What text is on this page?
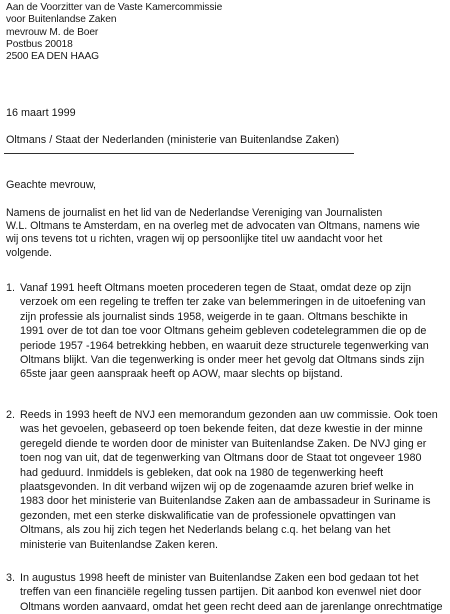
Aan de Voorzitter van de Vaste Kamercommissie
voor Buitenlandse Zaken
mevrouw M. de Boer
Postbus 20018
2500 EA DEN HAAG
16 maart 1999
Oltmans / Staat der Nederlanden (ministerie van Buitenlandse Zaken)
Geachte mevrouw,
Namens de journalist en het lid van de Nederlandse Vereniging van Journalisten
W.L. Oltmans te Amsterdam, en na overleg met de advocaten van Oltmans, namens wie
wij ons tevens tot u richten, vragen wij op persoonlijke titel uw aandacht voor het
volgende.
1. Vanaf 1991 heeft Oltmans moeten procederen tegen de Staat, omdat deze op zijn
verzoek om een regeling te treffen ter zake van belemmeringen in de uitoefening van
zijn professie als journalist sinds 1958, weigerde in te gaan. Oltmans beschikte in
1991 over de tot dan toe voor Oltmans geheim gebleven codetelegrammen die op de
periode 1957 -1964 betrekking hebben, en waaruit deze structurele tegenwerking van
Oltmans blijkt. Van die tegenwerking is onder meer het gevolg dat Oltmans sinds zijn
65ste jaar geen aanspraak heeft op AOW, maar slechts op bijstand.
2. Reeds in 1993 heeft de NVJ een memorandum gezonden aan uw commissie. Ook toen
was het gevoelen, gebaseerd op toen bekende feiten, dat deze kwestie in der minne
geregeld diende te worden door de minister van Buitenlandse Zaken. De NVJ ging er
toen nog van uit, dat de tegenwerking van Oltmans door de Staat tot ongeveer 1980
had geduurd. Inmiddels is gebleken, dat ook na 1980 de tegenwerking heeft
plaatsgevonden. In dit verband wijzen wij op de zogenaamde azuren brief welke in
1983 door het ministerie van Buitenlandse Zaken aan de ambassadeur in Suriname is
gezonden, met een sterke diskwalificatie van de professionele opvattingen van
Oltmans, als zou hij zich tegen het Nederlands belang c.q. het belang van het
ministerie van Buitenlandse Zaken keren.
3. In augustus 1998 heeft de minister van Buitenlandse Zaken een bod gedaan tot het
treffen van een financiële regeling tussen partijen. Dit aanbod kon evenwel niet door
Oltmans worden aanvaard, omdat het geen recht deed aan de jarenlange onrechtmatige
